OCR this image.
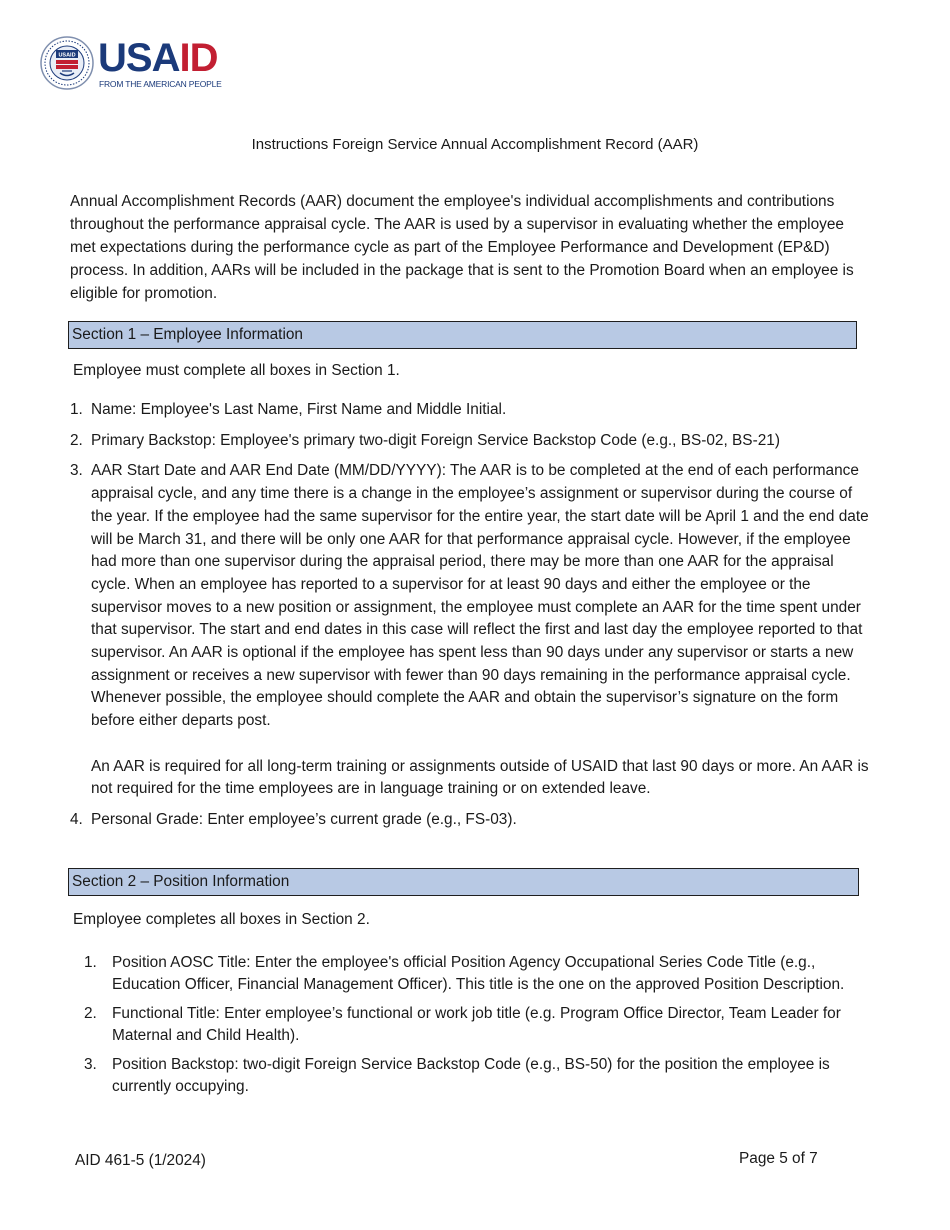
USAID USAID
FROM THE AMERICAN PEOPLE
Instructions Foreign Service Annual Accomplishment Record (AAR)

Annual Accomplishment Records (AAR) document the employee's individual accomplishments and contributions throughout the performance appraisal cycle. The AAR is used by a supervisor in evaluating whether the employee met expectations during the performance cycle as part of the Employee Performance and Development (EP&D) process. In addition, AARs will be included in the package that is sent to the Promotion Board when an employee is eligible for promotion.

Section 1 – Employee Information

Employee must complete all boxes in Section 1.

1. Name: Employee's Last Name, First Name and Middle Initial.

2. Primary Backstop: Employee's primary two-digit Foreign Service Backstop Code (e.g., BS-02, BS-21)

3. AAR Start Date and AAR End Date (MM/DD/YYYY): The AAR is to be completed at the end of each performance appraisal cycle, and any time there is a change in the employee’s assignment or supervisor during the course of the year. If the employee had the same supervisor for the entire year, the start date will be April 1 and the end date will be March 31, and there will be only one AAR for that performance appraisal cycle. However, if the employee had more than one supervisor during the appraisal period, there may be more than one AAR for the appraisal cycle. When an employee has reported to a supervisor for at least 90 days and either the employee or the supervisor moves to a new position or assignment, the employee must complete an AAR for the time spent under that supervisor. The start and end dates in this case will reflect the first and last day the employee reported to that supervisor. An AAR is optional if the employee has spent less than 90 days under any supervisor or starts a new assignment or receives a new supervisor with fewer than 90 days remaining in the performance appraisal cycle. Whenever possible, the employee should complete the AAR and obtain the supervisor’s signature on the form before either departs post.

An AAR is required for all long-term training or assignments outside of USAID that last 90 days or more. An AAR is not required for the time employees are in language training or on extended leave.

4. Personal Grade: Enter employee’s current grade (e.g., FS-03).

Section 2 – Position Information

Employee completes all boxes in Section 2.

1. Position AOSC Title: Enter the employee's official Position Agency Occupational Series Code Title (e.g., Education Officer, Financial Management Officer). This title is the one on the approved Position Description.
2. Functional Title: Enter employee’s functional or work job title (e.g. Program Office Director, Team Leader for Maternal and Child Health).
3. Position Backstop: two-digit Foreign Service Backstop Code (e.g., BS-50) for the position the employee is currently occupying.
AID 461-5 (1/2024)	Page 5 of 7
